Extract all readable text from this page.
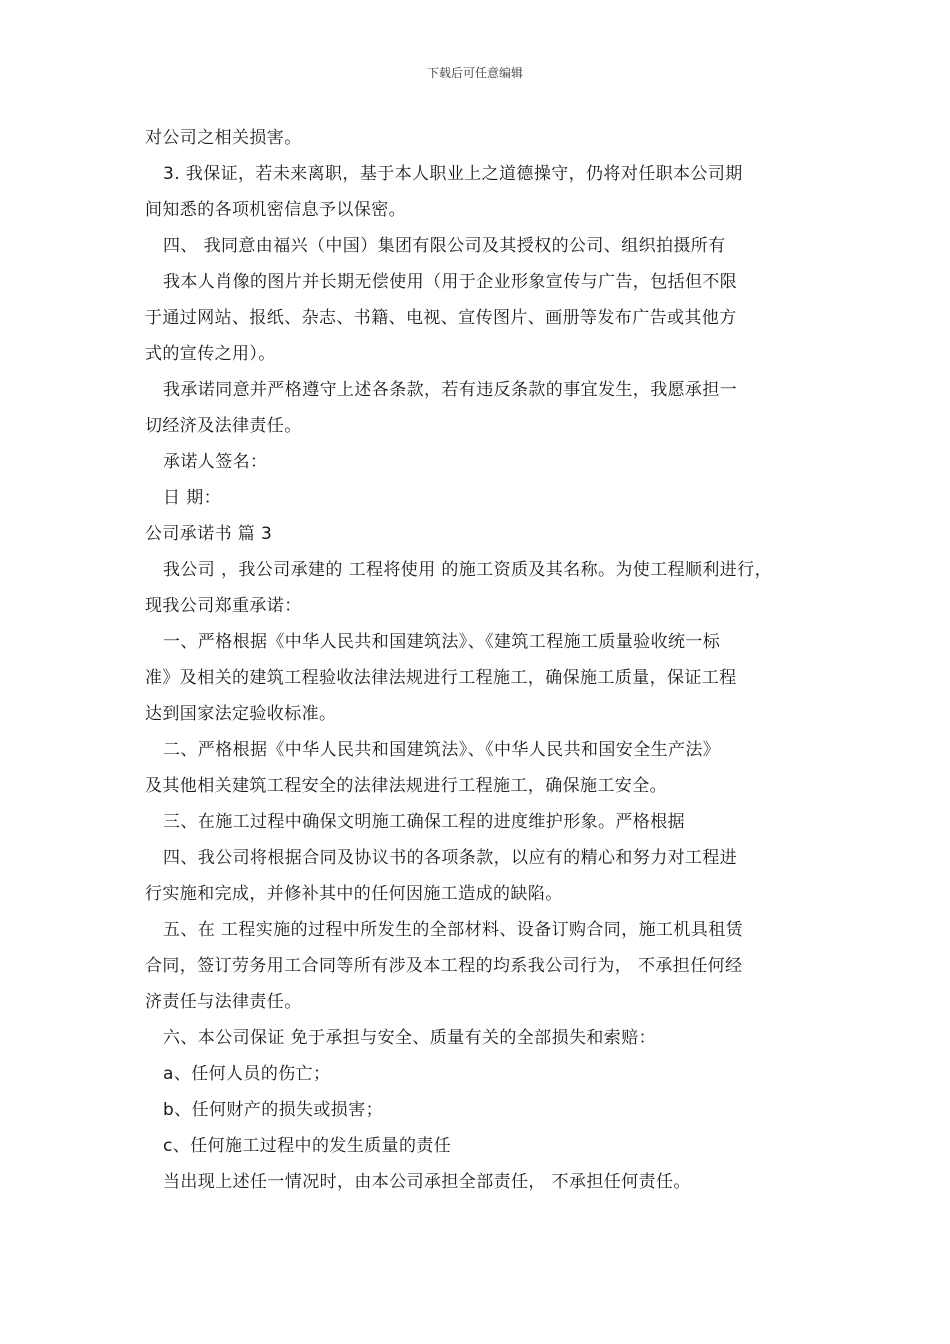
下载后可任意编辑
对公司之相关损害。
3. 我保证，若未来离职，基于本人职业上之道德操守，仍将对任职本公司期
间知悉的各项机密信息予以保密。
四、 我同意由福兴（中国）集团有限公司及其授权的公司、组织拍摄所有
我本人肖像的图片并长期无偿使用（用于企业形象宣传与广告，包括但不限
于通过网站、报纸、杂志、书籍、电视、宣传图片、画册等发布广告或其他方
式的宣传之用）。
我承诺同意并严格遵守上述各条款，若有违反条款的事宜发生，我愿承担一
切经济及法律责任。
承诺人签名：
日 期：
公司承诺书 篇 3
我公司 ，我公司承建的 工程将使用 的施工资质及其名称。为使工程顺利进行，
现我公司郑重承诺：
一、严格根据《中华人民共和国建筑法》、《建筑工程施工质量验收统一标
准》及相关的建筑工程验收法律法规进行工程施工，确保施工质量，保证工程
达到国家法定验收标准。
二、严格根据《中华人民共和国建筑法》、《中华人民共和国安全生产法》
及其他相关建筑工程安全的法律法规进行工程施工，确保施工安全。
三、在施工过程中确保文明施工确保工程的进度维护形象。严格根据
四、我公司将根据合同及协议书的各项条款，以应有的精心和努力对工程进
行实施和完成，并修补其中的任何因施工造成的缺陷。
五、在 工程实施的过程中所发生的全部材料、设备订购合同，施工机具租赁
合同，签订劳务用工合同等所有涉及本工程的均系我公司行为， 不承担任何经
济责任与法律责任。
六、本公司保证 免于承担与安全、质量有关的全部损失和索赔：
a、任何人员的伤亡；
b、任何财产的损失或损害；
c、任何施工过程中的发生质量的责任
当出现上述任一情况时，由本公司承担全部责任， 不承担任何责任。
